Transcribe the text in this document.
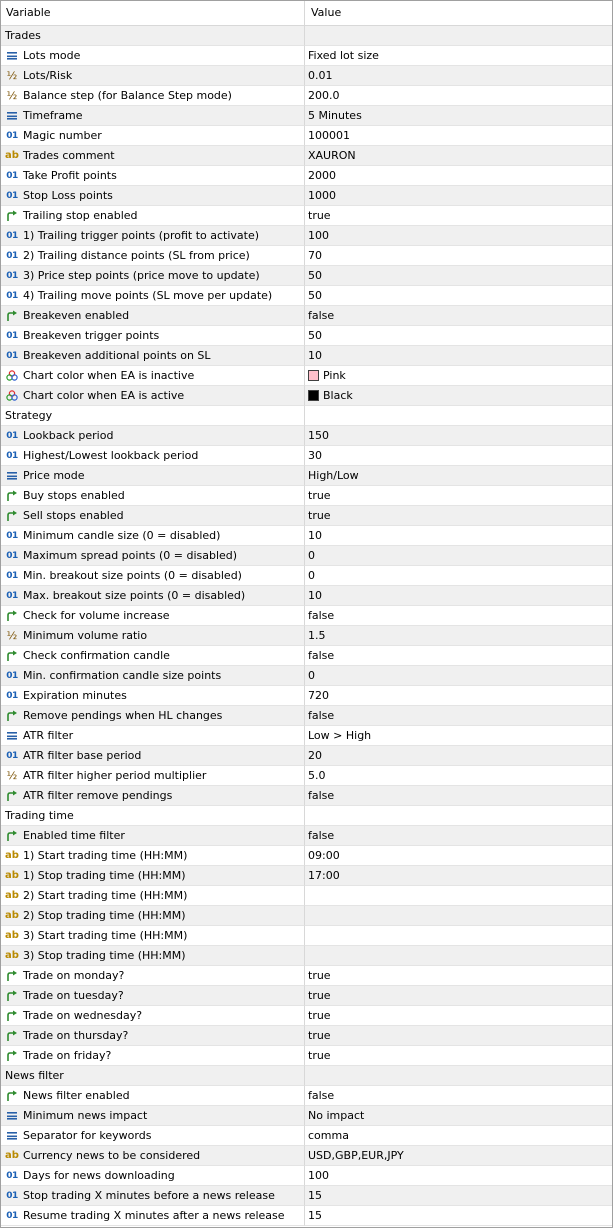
Variable	Value
Trades
Lots mode	Fixed lot size
½ Lots/Risk	0.01
½ Balance step (for Balance Step mode)	200.0
Timeframe	5 Minutes
01 Magic number	100001
ab Trades comment	XAURON
01 Take Profit points	2000
01 Stop Loss points	1000
Trailing stop enabled	true
01 1) Trailing trigger points (profit to activate)	100
01 2) Trailing distance points (SL from price)	70
01 3) Price step points (price move to update)	50
01 4) Trailing move points (SL move per update)	50
Breakeven enabled	false
01 Breakeven trigger points	50
01 Breakeven additional points on SL	10
Chart color when EA is inactive	Pink
Chart color when EA is active	Black
Strategy
01 Lookback period	150
01 Highest/Lowest lookback period	30
Price mode	High/Low
Buy stops enabled	true
Sell stops enabled	true
01 Minimum candle size (0 = disabled)	10
01 Maximum spread points (0 = disabled)	0
01 Min. breakout size points (0 = disabled)	0
01 Max. breakout size points (0 = disabled)	10
Check for volume increase	false
½ Minimum volume ratio	1.5
Check confirmation candle	false
01 Min. confirmation candle size points	0
01 Expiration minutes	720
Remove pendings when HL changes	false
ATR filter	Low > High
01 ATR filter base period	20
½ ATR filter higher period multiplier	5.0
ATR filter remove pendings	false
Trading time
Enabled time filter	false
ab 1) Start trading time (HH:MM)	09:00
ab 1) Stop trading time (HH:MM)	17:00
ab 2) Start trading time (HH:MM)
ab 2) Stop trading time (HH:MM)
ab 3) Start trading time (HH:MM)
ab 3) Stop trading time (HH:MM)
Trade on monday?	true
Trade on tuesday?	true
Trade on wednesday?	true
Trade on thursday?	true
Trade on friday?	true
News filter
News filter enabled	false
Minimum news impact	No impact
Separator for keywords	comma
ab Currency news to be considered	USD,GBP,EUR,JPY
01 Days for news downloading	100
01 Stop trading X minutes before a news release	15
01 Resume trading X minutes after a news release 15
